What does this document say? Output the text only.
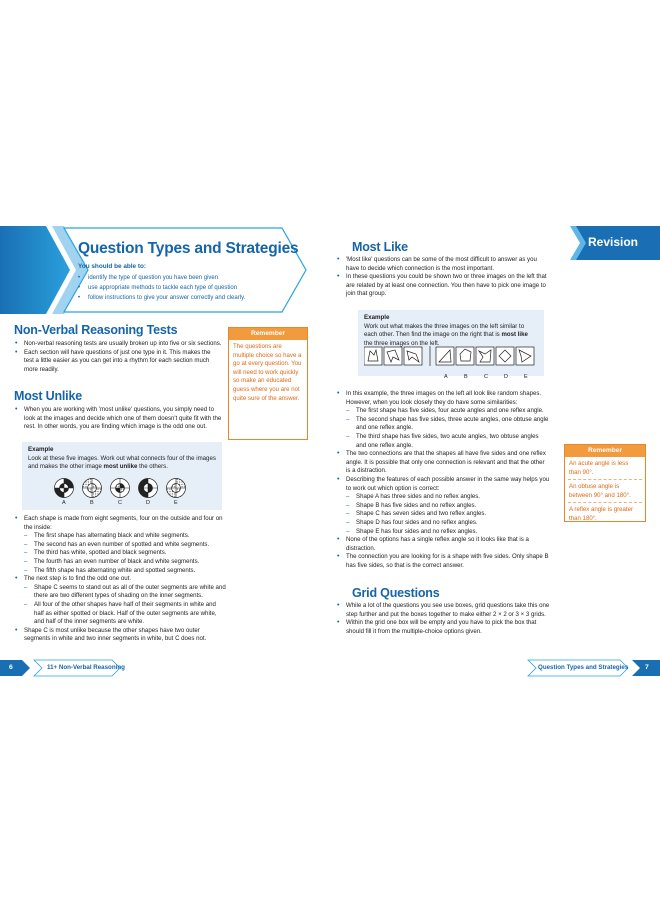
Question Types and Strategies
You should be able to:
• identify the type of question you have been given
• use appropriate methods to tackle each type of question
• follow instructions to give your answer correctly and clearly.
Non-Verbal Reasoning Tests
• Non-verbal reasoning tests are usually broken up into five or six sections.
• Each section will have questions of just one type in it. This makes the test a little easier as you can get into a rhythm for each section much more readily.
Remember
The questions are multiple choice so have a go at every question. You will need to work quickly so make an educated guess where you are not quite sure of the answer.
Most Unlike
• When you are working with 'most unlike' questions, you simply need to look at the images and decide which one of them doesn't quite fit with the rest. In other words, you are finding which image is the odd one out.
Example
Look at these five images. Work out what connects four of the images and makes the other image most unlike the others.
A	B	C	D	E
• Each shape is made from eight segments, four on the outside and four on the inside:
– The first shape has alternating black and white segments.
– The second has an even number of spotted and white segments.
– The third has white, spotted and black segments.
– The fourth has an even number of black and white segments.
– The fifth shape has alternating white and spotted segments.
• The next step is to find the odd one out.
– Shape C seems to stand out as all of the outer segments are white and there are two different types of shading on the inner segments.
– All four of the other shapes have half of their segments in white and half as either spotted or black. Half of the outer segments are white, and half of the inner segments are white.
• Shape C is most unlike because the other shapes have two outer segments in white and two inner segments in white, but C does not.
6	11+ Non-Verbal Reasoning
Revision
Most Like
• 'Most like' questions can be some of the most difficult to answer as you have to decide which connection is the most important.
• In these questions you could be shown two or three images on the left that are related by at least one connection. You then have to pick one image to join that group.
Example
Work out what makes the three images on the left similar to each other. Then find the image on the right that is most like the three images on the left.
A	B	C	D	E
• In this example, the three images on the left all look like random shapes. However, when you look closely they do have some similarities:
– The first shape has five sides, four acute angles and one reflex angle.
– The second shape has five sides, three acute angles, one obtuse angle and one reflex angle.
– The third shape has five sides, two acute angles, two obtuse angles and one reflex angle.
• The two connections are that the shapes all have five sides and one reflex angle. It is possible that only one connection is relevant and that the other is a distraction.
• Describing the features of each possible answer in the same way helps you to work out which option is correct:
– Shape A has three sides and no reflex angles.
– Shape B has five sides and no reflex angles.
– Shape C has seven sides and two reflex angles.
– Shape D has four sides and no reflex angles.
– Shape E has four sides and no reflex angles.
• None of the options has a single reflex angle so it looks like that is a distraction.
• The connection you are looking for is a shape with five sides. Only shape B has five sides, so that is the correct answer.
Remember
An acute angle is less than 90°.
An obtuse angle is between 90° and 180°.
A reflex angle is greater than 180°.
Grid Questions
• While a lot of the questions you see use boxes, grid questions take this one step further and put the boxes together to make either 2 × 2 or 3 × 3 grids.
• Within the grid one box will be empty and you have to pick the box that should fill it from the multiple-choice options given.
Question Types and Strategies 7
